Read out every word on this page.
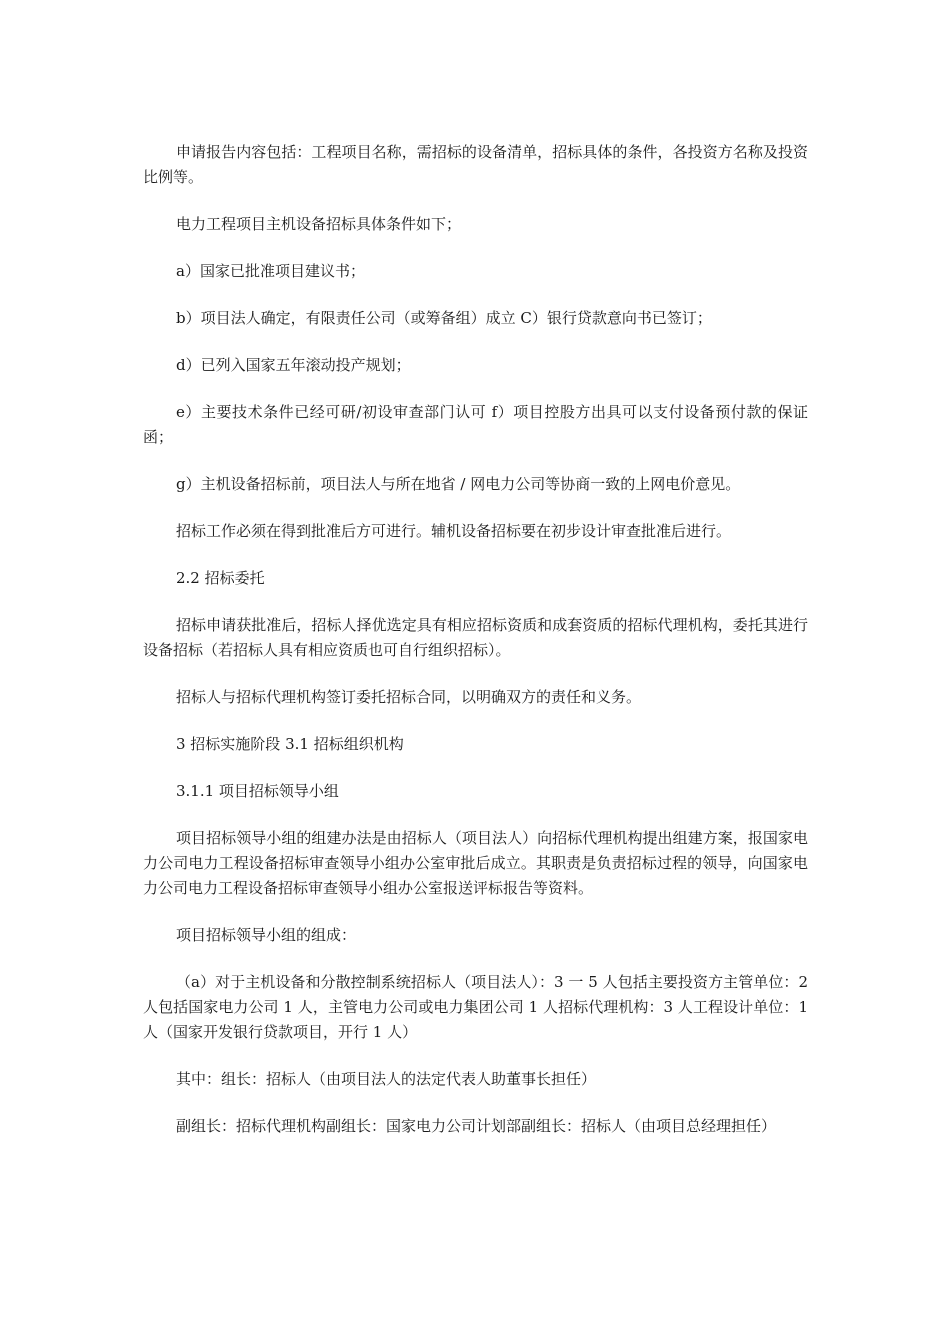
申请报告内容包括：工程项目名称，需招标的设备清单，招标具体的条件，各投资方名称及投资比例等。

电力工程项目主机设备招标具体条件如下；

a）国家已批准项目建议书；

b）项目法人确定，有限责任公司（或筹备组）成立 C）银行贷款意向书已签订；

d）已列入国家五年滚动投产规划；

e）主要技术条件已经可研/初设审查部门认可 f）项目控股方出具可以支付设备预付款的保证函；

g）主机设备招标前，项目法人与所在地省 / 网电力公司等协商一致的上网电价意见。

招标工作必须在得到批准后方可进行。辅机设备招标要在初步设计审查批准后进行。

2.2 招标委托

招标申请获批准后，招标人择优选定具有相应招标资质和成套资质的招标代理机构，委托其进行设备招标（若招标人具有相应资质也可自行组织招标）。

招标人与招标代理机构签订委托招标合同，以明确双方的责任和义务。

3 招标实施阶段 3.1 招标组织机构

3.1.1 项目招标领导小组

项目招标领导小组的组建办法是由招标人（项目法人）向招标代理机构提出组建方案，报国家电力公司电力工程设备招标审查领导小组办公室审批后成立。其职责是负责招标过程的领导，向国家电力公司电力工程设备招标审查领导小组办公室报送评标报告等资料。

项目招标领导小组的组成：

（a）对于主机设备和分散控制系统招标人（项目法人）：3 一 5 人包括主要投资方主管单位：2 人包括国家电力公司 1 人，主管电力公司或电力集团公司 1 人招标代理机构：3 人工程设计单位：1 人（国家开发银行贷款项目，开行 1 人）

其中：组长：招标人（由项目法人的法定代表人助董事长担任）

副组长：招标代理机构副组长：国家电力公司计划部副组长：招标人（由项目总经理担任）
